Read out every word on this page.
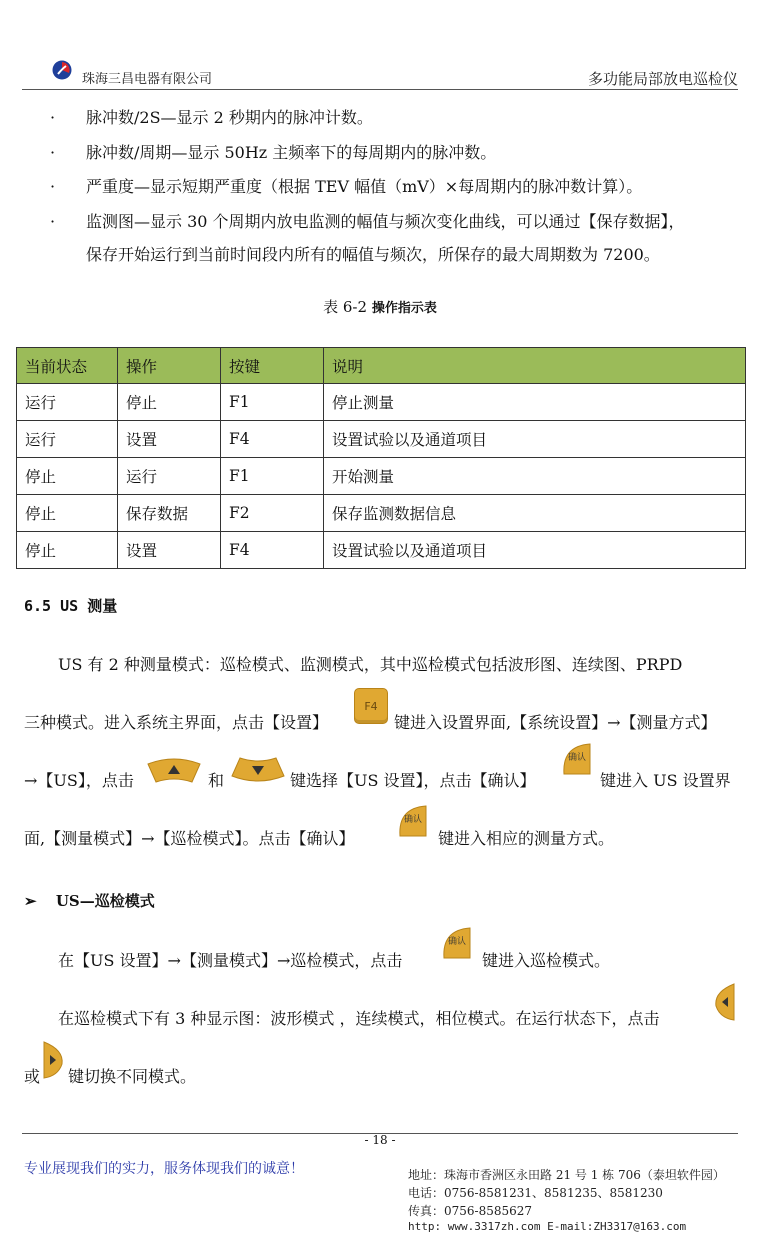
珠海三昌电器有限公司	多功能局部放电巡检仪
· 脉冲数/2S—显示 2 秒期内的脉冲计数。
· 脉冲数/周期—显示 50Hz 主频率下的每周期内的脉冲数。
· 严重度—显示短期严重度（根据 TEV 幅值（mV）×每周期内的脉冲数计算）。
· 监测图—显示 30 个周期内放电监测的幅值与频次变化曲线，可以通过【保存数据】，
保存开始运行到当前时间段内所有的幅值与频次，所保存的最大周期数为 7200。
表 6-2 操作指示表
当前状态	操作	按键	说明
运行	停止	F1	停止测量
运行	设置	F4	设置试验以及通道项目
停止	运行	F1	开始测量
停止	保存数据	F2	保存监测数据信息
停止	设置	F4	设置试验以及通道项目
6.5 US 测量
US 有 2 种测量模式：巡检模式、监测模式，其中巡检模式包括波形图、连续图、PRPD
三种模式。进入系统主界面，点击【设置】
F4
键进入设置界面,【系统设置】→【测量方式】
→【US】，点击	和	键选择【US 设置】，点击【确认】
确认
键进入 US 设置界
面,【测量模式】→【巡检模式】。点击【确认】
确认
键进入相应的测量方式。
➢ US—巡检模式
在【US 设置】→【测量模式】→巡检模式，点击
确认
键进入巡检模式。
在巡检模式下有 3 种显示图：波形模式 ，连续模式，相位模式。在运行状态下，点击
或 键切换不同模式。
- 18 -
专业展现我们的实力，服务体现我们的诚意！	地址：珠海市香洲区永田路 21 号 1 栋 706（泰坦软件园）
电话：0756-8581231、8581235、8581230
传真：0756-8585627
http: www.3317zh.com E-mail:ZH3317@163.com
